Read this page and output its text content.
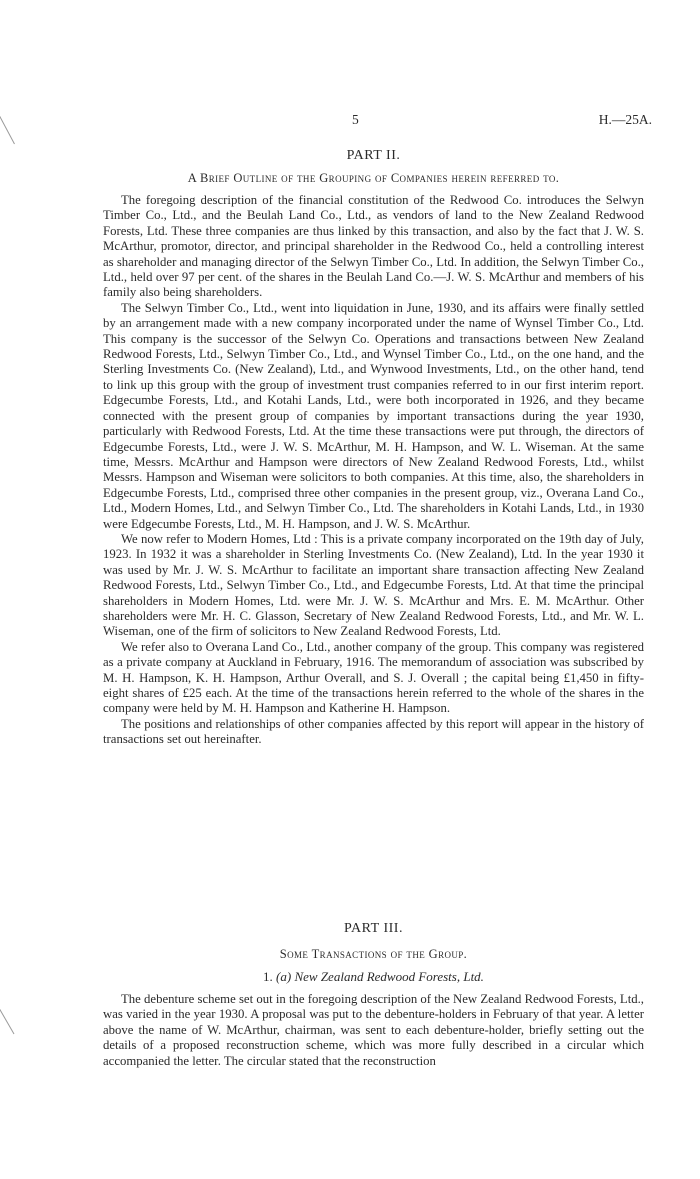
5	H.—25A.
PART II.
A Brief Outline of the Grouping of Companies herein referred to.

The foregoing description of the financial constitution of the Redwood Co. introduces the Selwyn Timber Co., Ltd., and the Beulah Land Co., Ltd., as vendors of land to the New Zealand Redwood Forests, Ltd. These three companies are thus linked by this transaction, and also by the fact that J. W. S. McArthur, promotor, director, and principal shareholder in the Redwood Co., held a controlling interest as shareholder and managing director of the Selwyn Timber Co., Ltd. In addition, the Selwyn Timber Co., Ltd., held over 97 per cent. of the shares in the Beulah Land Co.—J. W. S. McArthur and members of his family also being shareholders.

The Selwyn Timber Co., Ltd., went into liquidation in June, 1930, and its affairs were finally settled by an arrangement made with a new company incorporated under the name of Wynsel Timber Co., Ltd. This company is the successor of the Selwyn Co. Operations and transactions between New Zealand Redwood Forests, Ltd., Selwyn Timber Co., Ltd., and Wynsel Timber Co., Ltd., on the one hand, and the Sterling Investments Co. (New Zealand), Ltd., and Wynwood Investments, Ltd., on the other hand, tend to link up this group with the group of investment trust companies referred to in our first interim report. Edgecumbe Forests, Ltd., and Kotahi Lands, Ltd., were both incorporated in 1926, and they became connected with the present group of companies by important transactions during the year 1930, particularly with Redwood Forests, Ltd. At the time these transactions were put through, the directors of Edgecumbe Forests, Ltd., were J. W. S. McArthur, M. H. Hampson, and W. L. Wiseman. At the same time, Messrs. McArthur and Hampson were directors of New Zealand Redwood Forests, Ltd., whilst Messrs. Hampson and Wiseman were solicitors to both companies. At this time, also, the shareholders in Edgecumbe Forests, Ltd., comprised three other companies in the present group, viz., Overana Land Co., Ltd., Modern Homes, Ltd., and Selwyn Timber Co., Ltd. The shareholders in Kotahi Lands, Ltd., in 1930 were Edgecumbe Forests, Ltd., M. H. Hampson, and J. W. S. McArthur.

We now refer to Modern Homes, Ltd : This is a private company incorporated on the 19th day of July, 1923. In 1932 it was a shareholder in Sterling Investments Co. (New Zealand), Ltd. In the year 1930 it was used by Mr. J. W. S. McArthur to facilitate an important share transaction affecting New Zealand Redwood Forests, Ltd., Selwyn Timber Co., Ltd., and Edgecumbe Forests, Ltd. At that time the principal shareholders in Modern Homes, Ltd. were Mr. J. W. S. McArthur and Mrs. E. M. McArthur. Other shareholders were Mr. H. C. Glasson, Secretary of New Zealand Redwood Forests, Ltd., and Mr. W. L. Wiseman, one of the firm of solicitors to New Zealand Redwood Forests, Ltd.

We refer also to Overana Land Co., Ltd., another company of the group. This company was registered as a private company at Auckland in February, 1916. The memorandum of association was subscribed by M. H. Hampson, K. H. Hampson, Arthur Overall, and S. J. Overall ; the capital being £1,450 in fifty-eight shares of £25 each. At the time of the transactions herein referred to the whole of the shares in the company were held by M. H. Hampson and Katherine H. Hampson.

The positions and relationships of other companies affected by this report will appear in the history of transactions set out hereinafter.

PART III.
Some Transactions of the Group.
1. (a) New Zealand Redwood Forests, Ltd.

The debenture scheme set out in the foregoing description of the New Zealand Redwood Forests, Ltd., was varied in the year 1930. A proposal was put to the debenture-holders in February of that year. A letter above the name of W. McArthur, chairman, was sent to each debenture-holder, briefly setting out the details of a proposed reconstruction scheme, which was more fully described in a circular which accompanied the letter. The circular stated that the reconstruction
